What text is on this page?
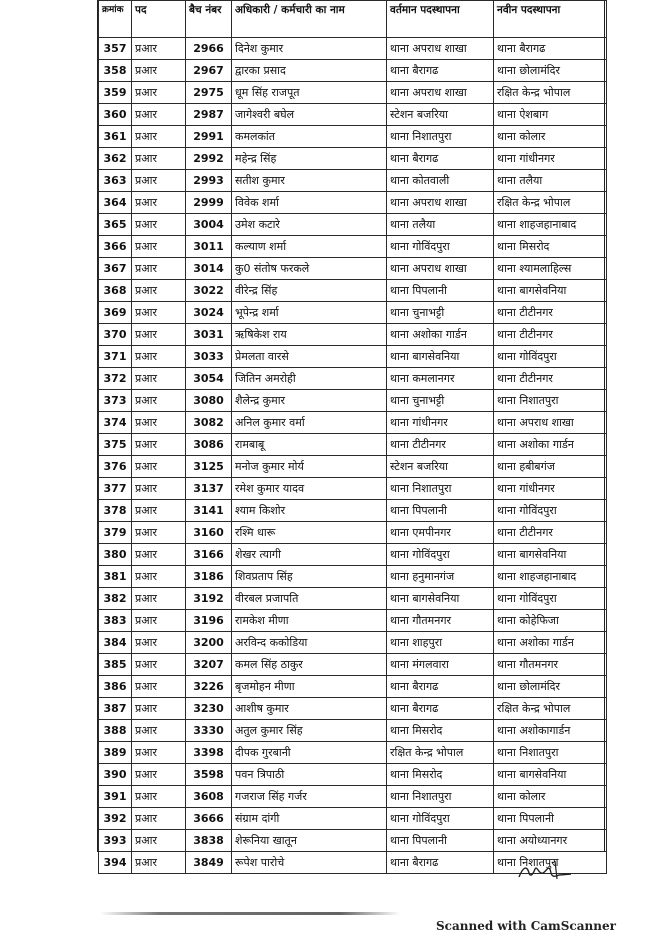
क्रमांक	पद	बैच नंबर	अधिकारी / कर्मचारी का नाम	वर्तमान पदस्थापना	नवीन पदस्थापना
357	प्रआर	2966	दिनेश कुमार	थाना अपराध शाखा	थाना बैरागढ
358	प्रआर	2967	द्वारका प्रसाद	थाना बैरागढ	थाना छोलामंदिर
359	प्रआर	2975	धूम सिंह राजपूत	थाना अपराध शाखा	रक्षित केन्द्र भोपाल
360	प्रआर	2987	जागेश्वरी बघेल	स्टेशन बजरिया	थाना ऐशबाग
361	प्रआर	2991	कमलकांत	थाना निशातपुरा	थाना कोलार
362	प्रआर	2992	महेन्द्र सिंह	थाना बैरागढ	थाना गांधीनगर
363	प्रआर	2993	सतीश कुमार	थाना कोतवाली	थाना तलैया
364	प्रआर	2999	विवेक शर्मा	थाना अपराध शाखा	रक्षित केन्द्र भोपाल
365	प्रआर	3004	उमेश कटारे	थाना तलैया	थाना शाहजहानाबाद
366	प्रआर	3011	कल्याण शर्मा	थाना गोविंदपुरा	थाना मिसरोद
367	प्रआर	3014	कु0 संतोष फरकले	थाना अपराध शाखा	थाना श्यामलाहिल्स
368	प्रआर	3022	वीरेन्द्र सिंह	थाना पिपलानी	थाना बागसेवनिया
369	प्रआर	3024	भूपेन्द्र शर्मा	थाना चुनाभट्टी	थाना टीटीनगर
370	प्रआर	3031	ऋषिकेश राय	थाना अशोका गार्डन	थाना टीटीनगर
371	प्रआर	3033	प्रेमलता वारसे	थाना बागसेवनिया	थाना गोविंदपुरा
372	प्रआर	3054	जितिन अमरोही	थाना कमलानगर	थाना टीटीनगर
373	प्रआर	3080	शैलेन्द्र कुमार	थाना चुनाभट्टी	थाना निशातपुरा
374	प्रआर	3082	अनिल कुमार वर्मा	थाना गांधीनगर	थाना अपराध शाखा
375	प्रआर	3086	रामबाबू	थाना टीटीनगर	थाना अशोका गार्डन
376	प्रआर	3125	मनोज कुमार मोर्य	स्टेशन बजरिया	थाना हबीबगंज
377	प्रआर	3137	रमेश कुमार यादव	थाना निशातपुरा	थाना गांधीनगर
378	प्रआर	3141	श्याम किशोर	थाना पिपलानी	थाना गोविंदपुरा
379	प्रआर	3160	रश्मि धारू	थाना एमपीनगर	थाना टीटीनगर
380	प्रआर	3166	शेखर त्यागी	थाना गोविंदपुरा	थाना बागसेवनिया
381	प्रआर	3186	शिवप्रताप सिंह	थाना हनुमानगंज	थाना शाहजहानाबाद
382	प्रआर	3192	वीरबल प्रजापति	थाना बागसेवनिया	थाना गोविंदपुरा
383	प्रआर	3196	रामकेश मीणा	थाना गौतमनगर	थाना कोहेफिजा
384	प्रआर	3200	अरविन्द कको‌डिया	थाना शाहपुरा	थाना अशोका गार्डन
385	प्रआर	3207	कमल सिंह ठाकुर	थाना मंगलवारा	थाना गौतमनगर
386	प्रआर	3226	बृजमोहन मीणा	थाना बैरागढ	थाना छोलामंदिर
387	प्रआर	3230	आशीष कुमार	थाना बैरागढ	रक्षित केन्द्र भोपाल
388	प्रआर	3330	अतुल कुमार सिंह	थाना मिसरोद	थाना अशोकागार्डन
389	प्रआर	3398	दीपक गुरबानी	रक्षित केन्द्र भोपाल	थाना निशातपुरा
390	प्रआर	3598	पवन त्रिपाठी	थाना मिसरोद	थाना बागसेवनिया
391	प्रआर	3608	गजराज सिंह गर्जर	थाना निशातपुरा	थाना कोलार
392	प्रआर	3666	संग्राम दांगी	थाना गोविंदपुरा	थाना पिपलानी
393	प्रआर	3838	शेरूनिया खातून	थाना पिपलानी	थाना अयोध्यानगर
394	प्रआर	3849	रूपेश पारोचे	थाना बैरागढ	थाना निशातपुरा
Scanned with CamScanner
